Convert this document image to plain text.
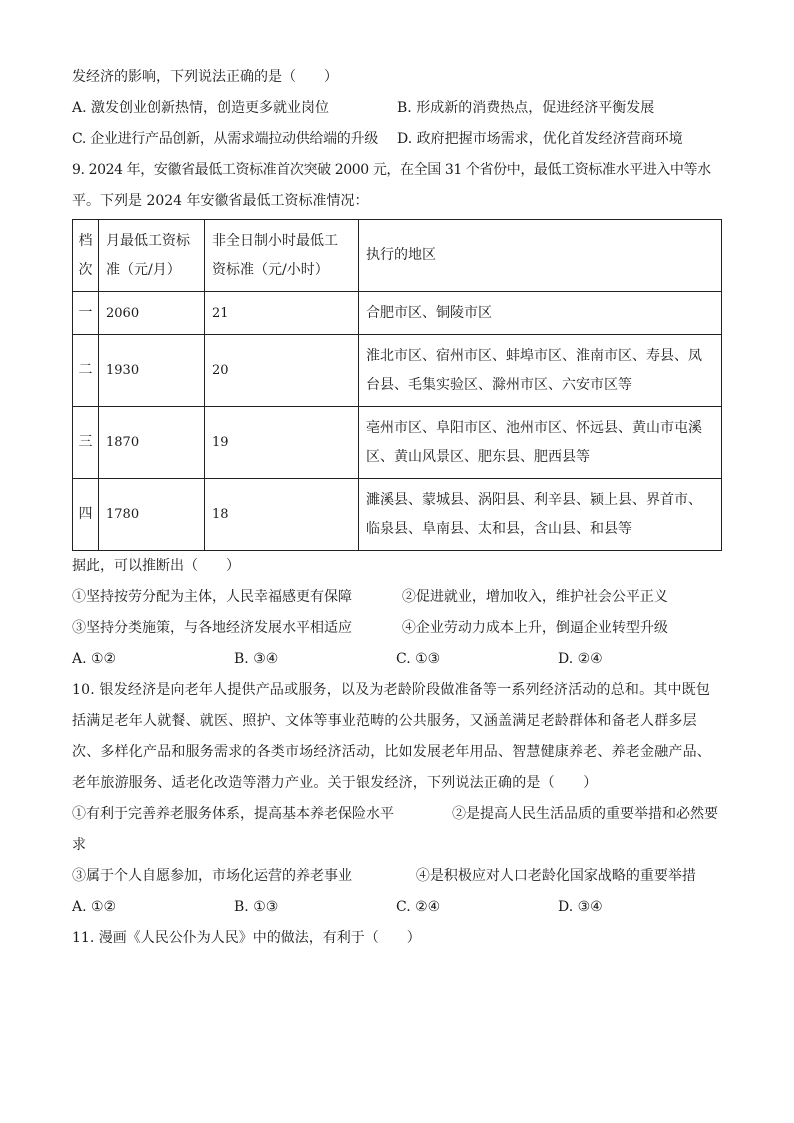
发经济的影响，下列说法正确的是（　　）
A. 激发创业创新热情，创造更多就业岗位	B. 形成新的消费热点，促进经济平衡发展
C. 企业进行产品创新，从需求端拉动供给端的升级	D. 政府把握市场需求，优化首发经济营商环境
9. 2024 年，安徽省最低工资标准首次突破 2000 元，在全国 31 个省份中，最低工资标准水平进入中等水
平。下列是 2024 年安徽省最低工资标准情况：
档次	月最低工资标准（元/月）	非全日制小时最低工资标准（元/小时）	执行的地区
一	2060	21	合肥市区、铜陵市区
二	1930	20	淮北市区、宿州市区、蚌埠市区、淮南市区、寿县、凤台县、毛集实验区、滁州市区、六安市区等
三	1870	19	亳州市区、阜阳市区、池州市区、怀远县、黄山市屯溪区、黄山风景区、肥东县、肥西县等
四	1780	18	濉溪县、蒙城县、涡阳县、利辛县、颍上县、界首市、临泉县、阜南县、太和县，含山县、和县等
据此，可以推断出（　　）
①坚持按劳分配为主体，人民幸福感更有保障	②促进就业，增加收入，维护社会公平正义
③坚持分类施策，与各地经济发展水平相适应	④企业劳动力成本上升，倒逼企业转型升级
A. ①②	B. ③④	C. ①③	D. ②④
10. 银发经济是向老年人提供产品或服务，以及为老龄阶段做准备等一系列经济活动的总和。其中既包括满足老年人就餐、就医、照护、文体等事业范畴的公共服务，又涵盖满足老龄群体和备老人群多层次、多样化产品和服务需求的各类市场经济活动，比如发展老年用品、智慧健康养老、养老金融产品、老年旅游服务、适老化改造等潜力产业。关于银发经济，下列说法正确的是（　　）
①有利于完善养老服务体系，提高基本养老保险水平	②是提高人民生活品质的重要举措和必然要求
③属于个人自愿参加，市场化运营的养老事业	④是积极应对人口老龄化国家战略的重要举措
A. ①②	B. ①③	C. ②④	D. ③④
11. 漫画《人民公仆为人民》中的做法，有利于（　　）
